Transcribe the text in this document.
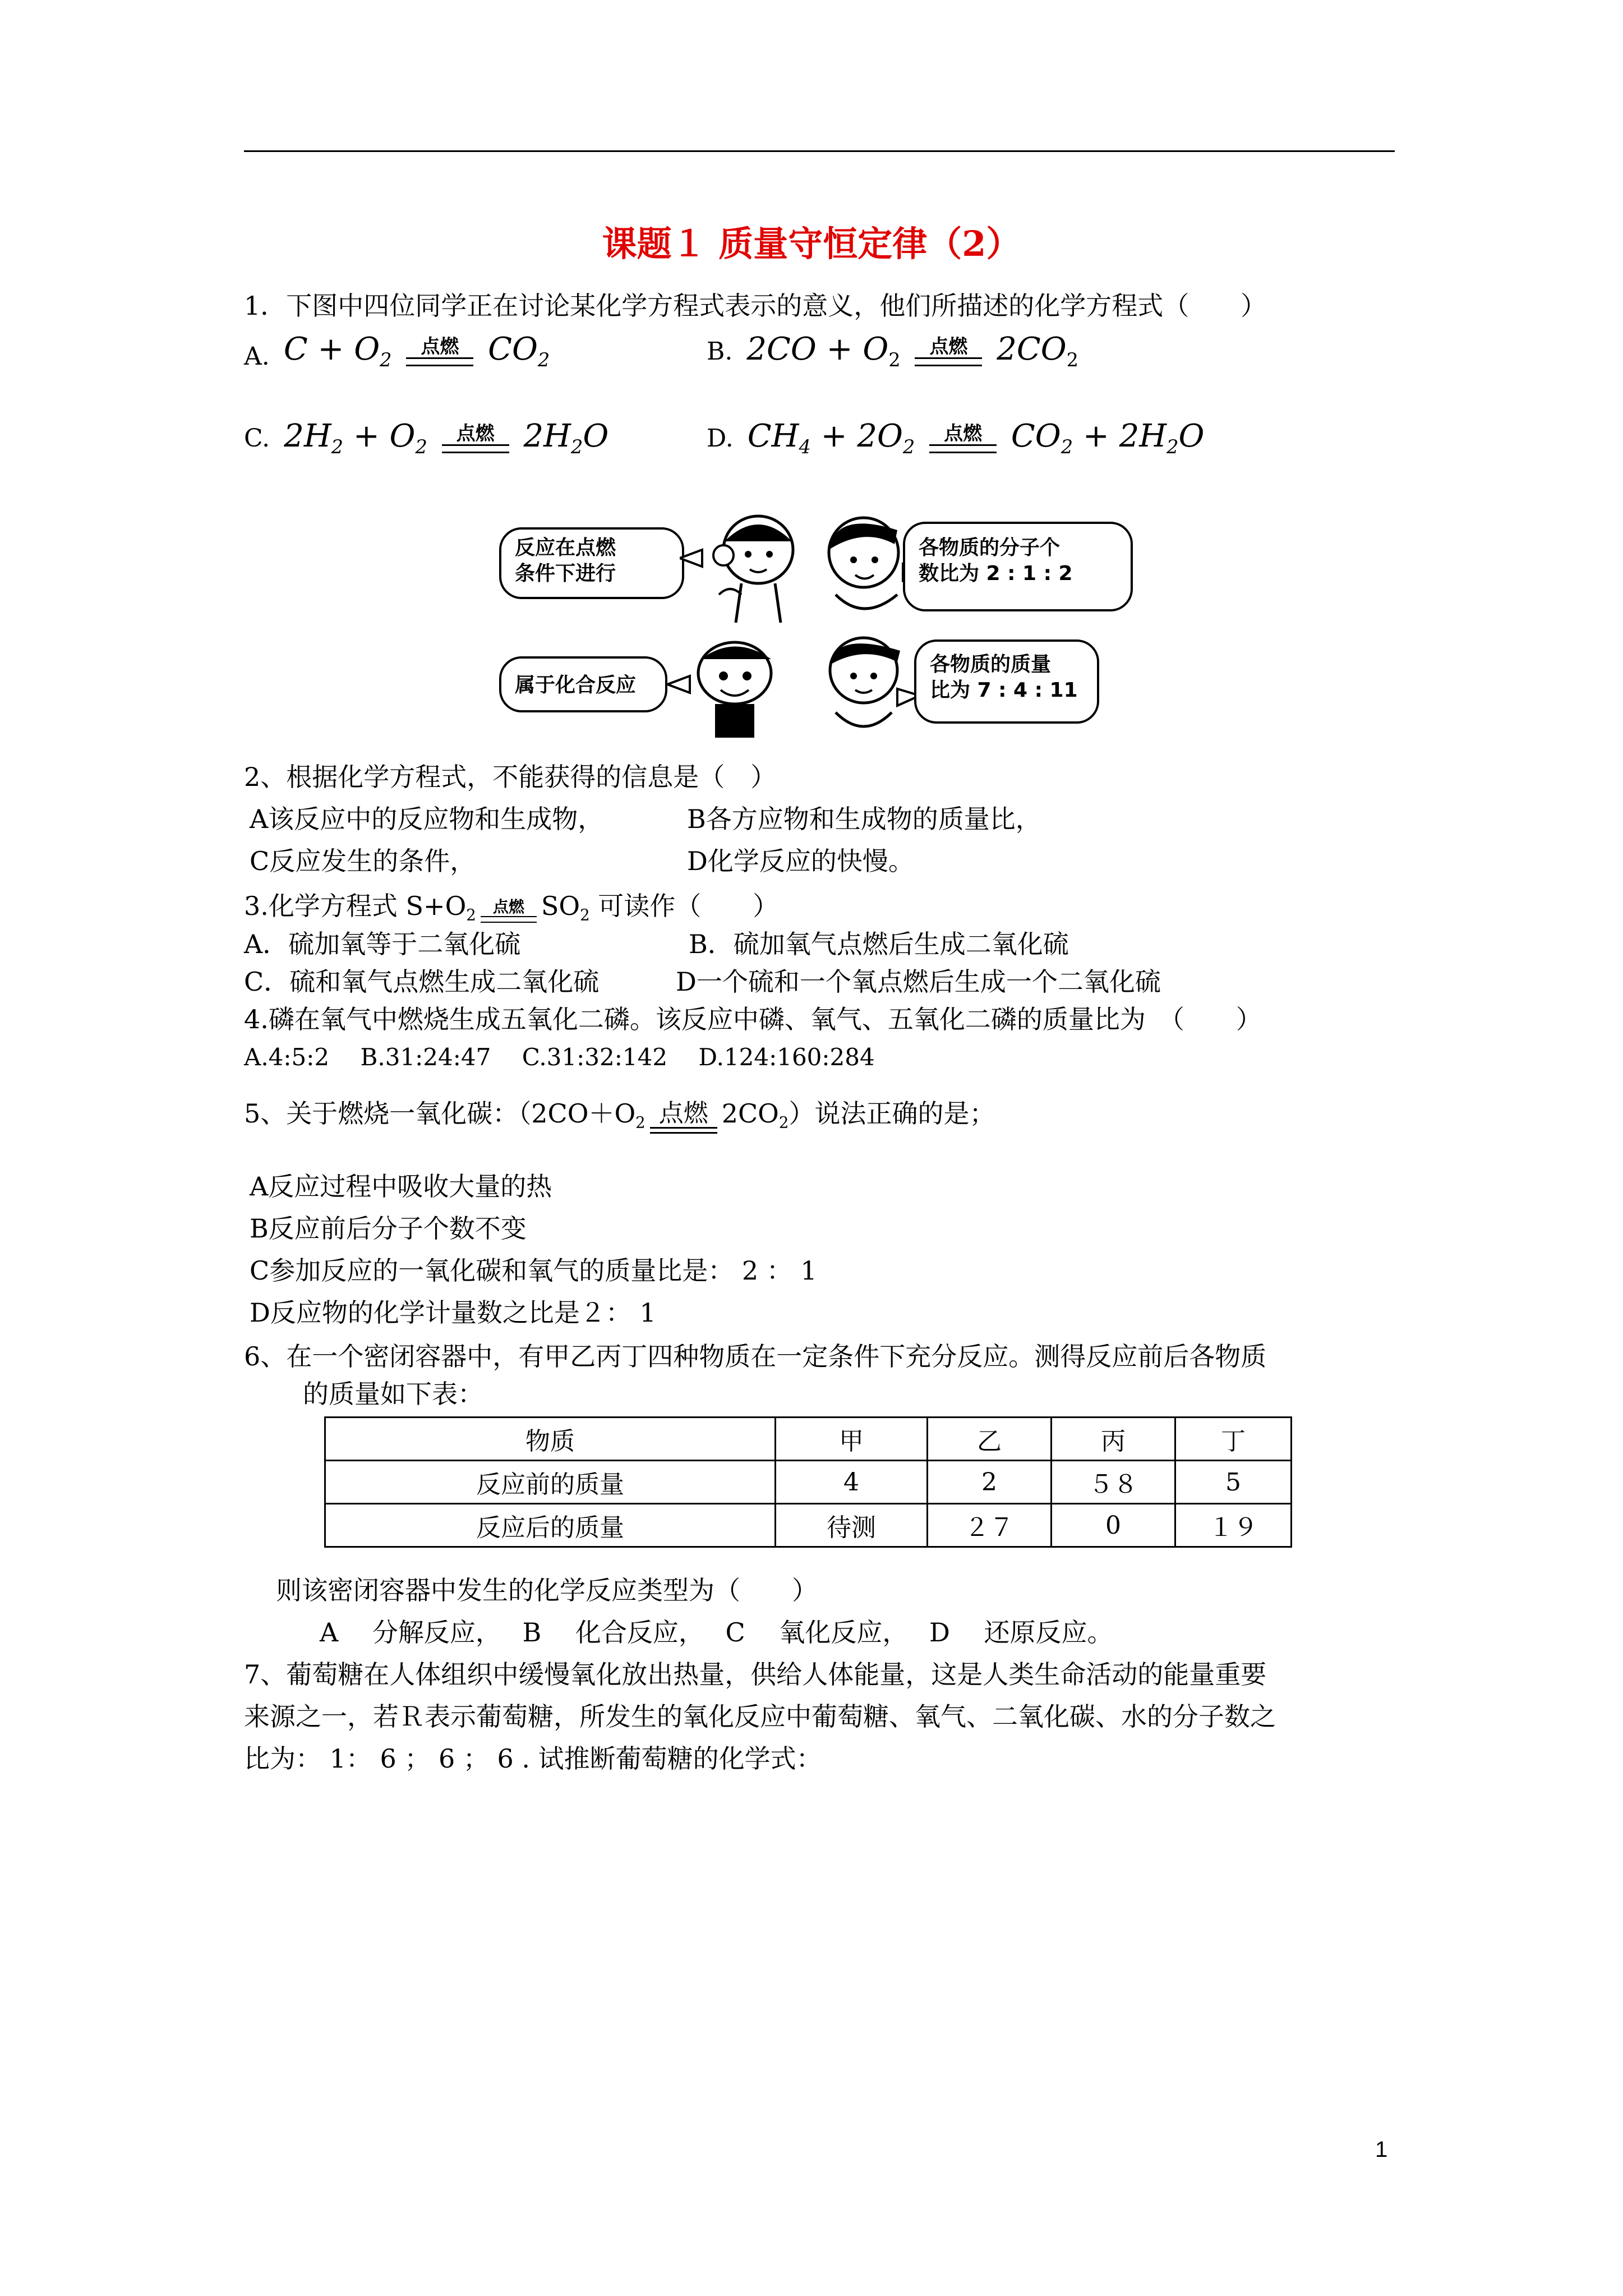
课题１ 质量守恒定律（2）
1．下图中四位同学正在讨论某化学方程式表示的意义，他们所描述的化学方程式（　　）
A. $C + O_2$
点燃 $CO_2$	B. $2CO + O_2$
点燃 $2CO_2$
C. $2H_2 + O_2$
点燃 $2H_2O$	D. $CH_4 + 2O_2$
点燃 $CO_2 + 2H_2O$
反应在点燃
条件下进行
各物质的分子个
数比为 2 : 1 : 2
属于化合反应
各物质的质量
比为 7 : 4 : 11
2、根据化学方程式，不能获得的信息是（　）
A该反应中的反应物和生成物，	B各方应物和生成物的质量比，
C反应发生的条件，	D化学反应的快慢。
3.化学方程式 $S+O_2$	点燃 $SO_2$ 可读作（　　）
A．硫加氧等于二氧化硫	B．硫加氧气点燃后生成二氧化硫
C．硫和氧气点燃生成二氧化硫	D一个硫和一个氧点燃后生成一个二氧化硫
4.磷在氧气中燃烧生成五氧化二磷。该反应中磷、氧气、五氧化二磷的质量比为　（　　）
A.4:5:2　 B.31:24:47　 C.31:32:142　 D.124:160:284
5、关于燃烧一氧化碳：（$2CO+O_2$ 点燃 $2CO_2$）说法正确的是；
A反应过程中吸收大量的热
B反应前后分子个数不变
C参加反应的一氧化碳和氧气的质量比是： 2 ： 1
D反应物的化学计量数之比是２： 1
6、在一个密闭容器中，有甲乙丙丁四种物质在一定条件下充分反应。测得反应前后各物质
的质量如下表：
物质	甲	乙	丙	丁
反应前的质量	4	2	５８	5
反应后的质量	待测	２７	0	１９
则该密闭容器中发生的化学反应类型为（　　）
A　 分解反应，　 B　 化合反应，　 C　 氧化反应，　 D　 还原反应。
7、葡萄糖在人体组织中缓慢氧化放出热量，供给人体能量，这是人类生命活动的能量重要
来源之一，若Ｒ表示葡萄糖，所发生的氧化反应中葡萄糖、氧气、二氧化碳、水的分子数之
比为： 1： 6 ； 6 ； 6 . 试推断葡萄糖的化学式：
1
